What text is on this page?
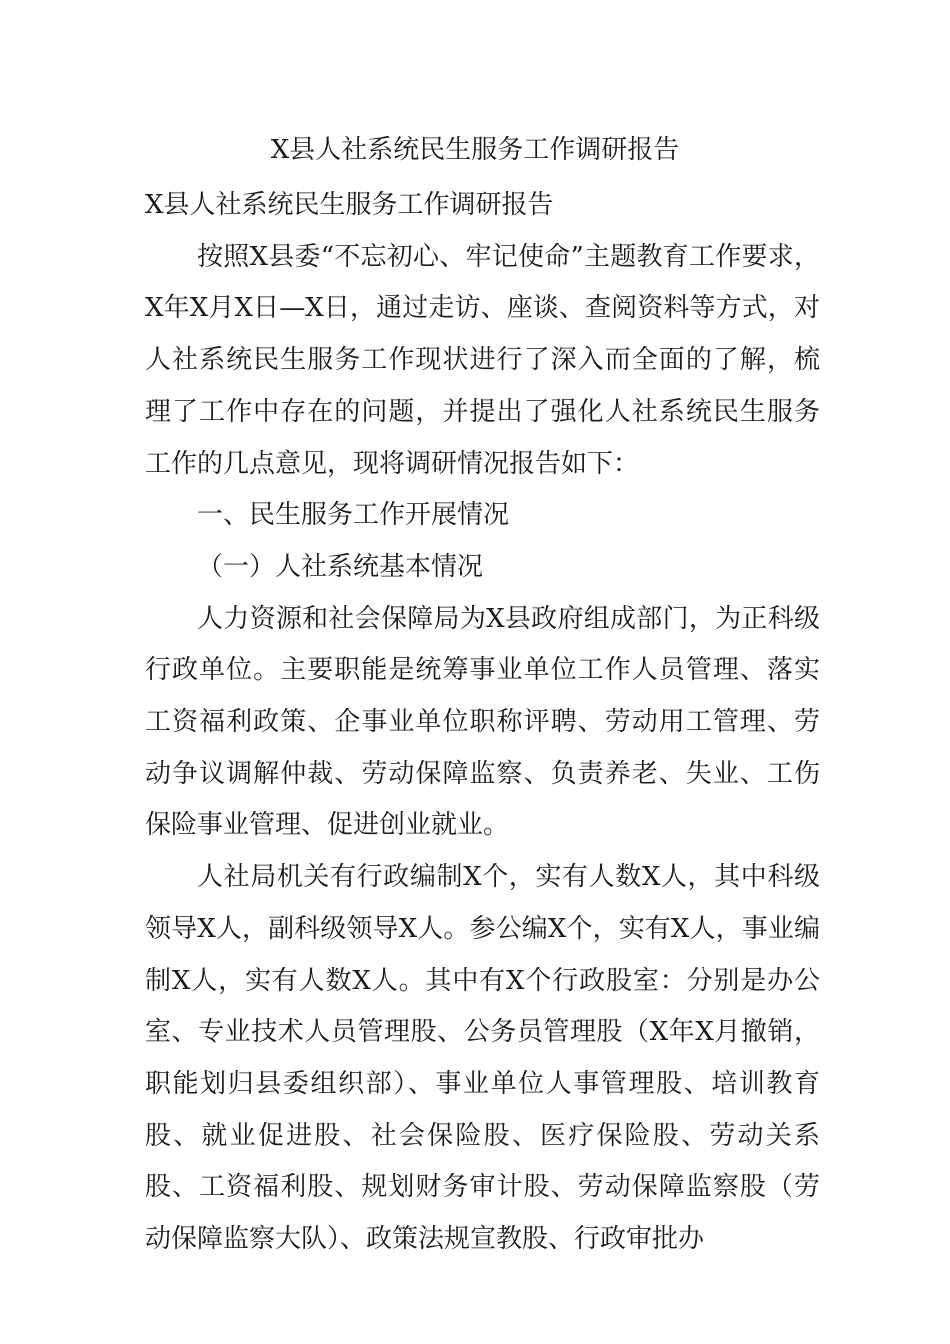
X县人社系统民生服务工作调研报告

X县人社系统民生服务工作调研报告

按照X县委“不忘初心、牢记使命”主题教育工作要求，X年X月X日—X日，通过走访、座谈、查阅资料等方式，对人社系统民生服务工作现状进行了深入而全面的了解，梳理了工作中存在的问题，并提出了强化人社系统民生服务工作的几点意见，现将调研情况报告如下：

一、民生服务工作开展情况

（一）人社系统基本情况

人力资源和社会保障局为X县政府组成部门，为正科级行政单位。主要职能是统筹事业单位工作人员管理、落实工资福利政策、企事业单位职称评聘、劳动用工管理、劳动争议调解仲裁、劳动保障监察、负责养老、失业、工伤保险事业管理、促进创业就业。

人社局机关有行政编制X个，实有人数X人，其中科级领导X人，副科级领导X人。参公编X个，实有X人，事业编制X人，实有人数X人。其中有X个行政股室：分别是办公室、专业技术人员管理股、公务员管理股（X年X月撤销，职能划归县委组织部）、事业单位人事管理股、培训教育股、就业促进股、社会保险股、医疗保险股、劳动关系股、工资福利股、规划财务审计股、劳动保障监察股（劳动保障监察大队）、政策法规宣教股、行政审批办
